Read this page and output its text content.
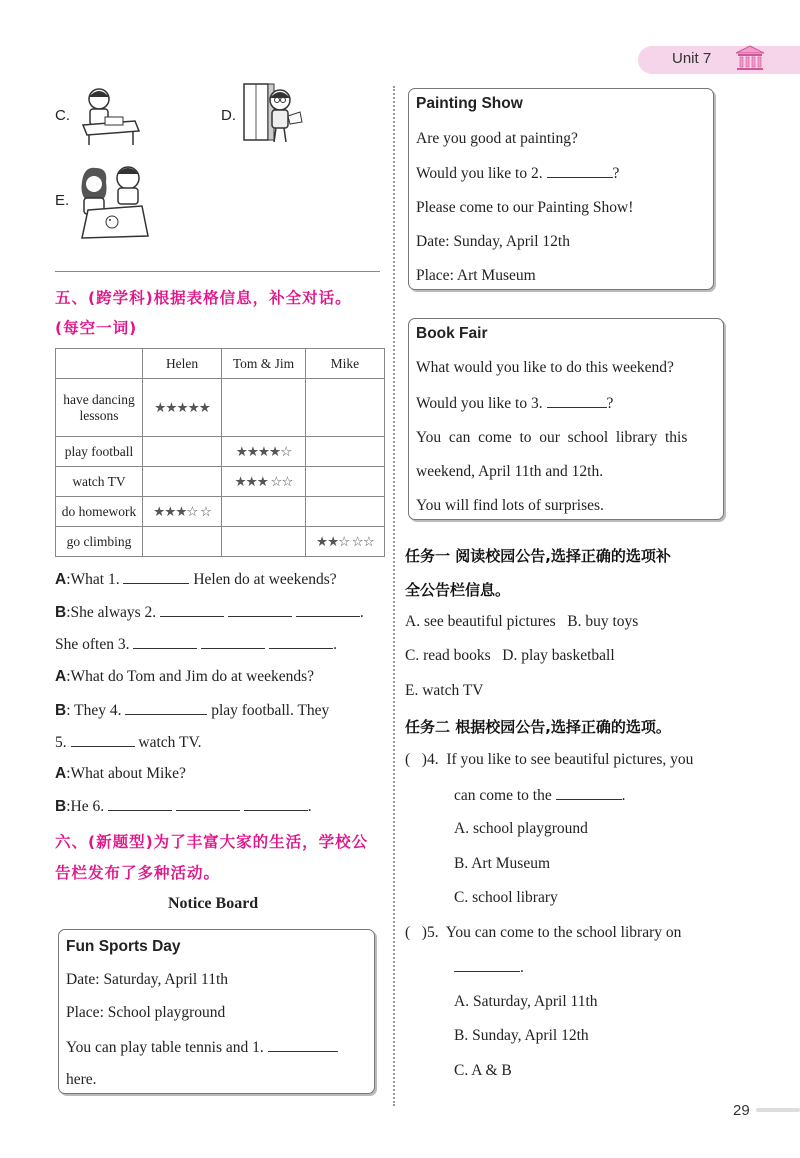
Unit 7
C.	D.
E.
五、(跨学科)根据表格信息，补全对话。
(每空一词)
	Helen	Tom & Jim	Mike
have dancing lessons	★★★★★		
play football		★★★★☆	
watch TV		★★★ ☆☆	
do homework	★★★☆ ☆		
go climbing			★★☆ ☆☆
A:What 1.	Helen do at weekends?
B:She always 2.	.
She often 3.	.
A:What do Tom and Jim do at weekends?
B: They 4.	play football. They
5.	watch TV.
A:What about Mike?
B:He 6.	.
六、(新题型)为了丰富大家的生活，学校公
告栏发布了多种活动。
Notice Board
Fun Sports Day
Date: Saturday, April 11th
Place: School playground
You can play table tennis and 1.
here.
Painting Show
Are you good at painting?
Would you like to 2.	?
Please come to our Painting Show!
Date: Sunday, April 12th
Place: Art Museum
Book Fair
What would you like to do this weekend?
Would you like to 3.	?
You  can  come  to  our  school  library  this
weekend, April 11th and 12th.
You will find lots of surprises.
任务一 阅读校园公告,选择正确的选项补
全公告栏信息。
A. see beautiful pictures   B. buy toys
C. read books   D. play basketball
E. watch TV
任务二 根据校园公告,选择正确的选项。
(   )4.  If you like to see beautiful pictures, you
can come to the	.
A. school playground
B. Art Museum
C. school library
(   )5.  You can come to the school library on
.
A. Saturday, April 11th
B. Sunday, April 12th
C. A & B
29
